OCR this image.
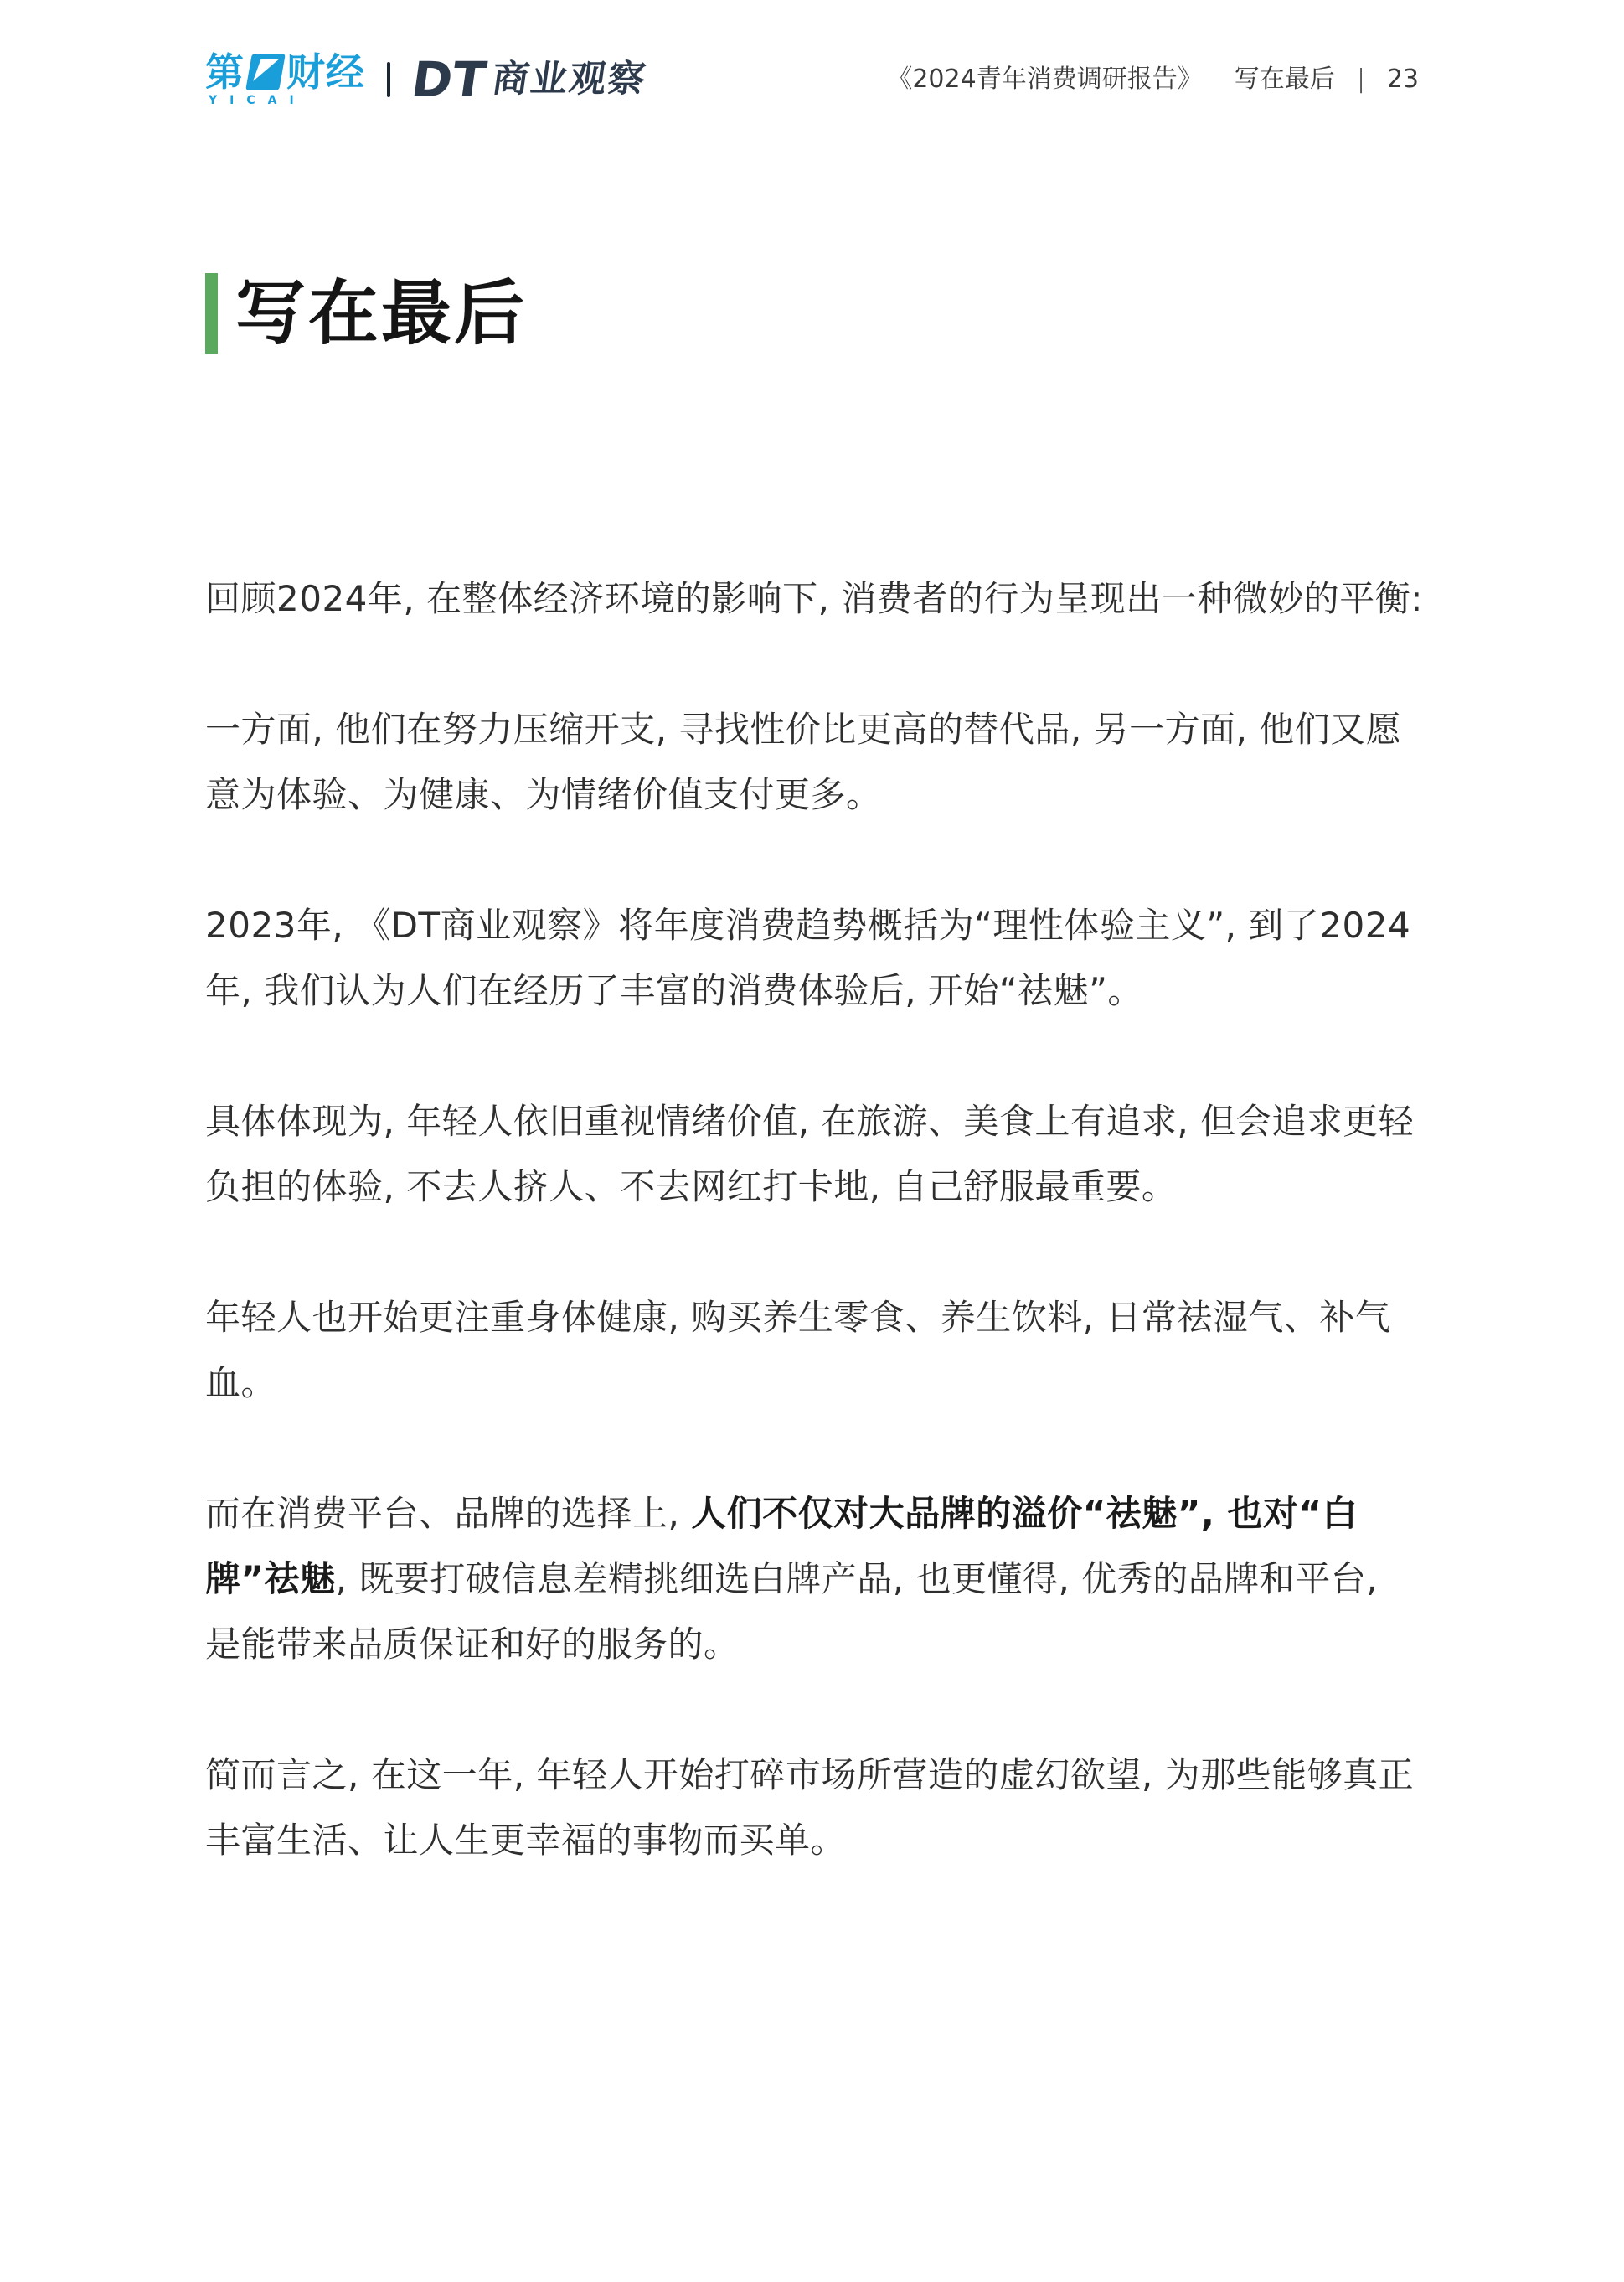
第 财经
YICAI	DT 商业观察	《2024青年消费调研报告》 写在最后 | 23
写在最后

回顾2024年, 在整体经济环境的影响下, 消费者的行为呈现出一种微妙的平衡:

一方面, 他们在努力压缩开支, 寻找性价比更高的替代品, 另一方面, 他们又愿意为体验、为健康、为情绪价值支付更多。

2023年, 《DT商业观察》将年度消费趋势概括为“理性体验主义”, 到了2024年, 我们认为人们在经历了丰富的消费体验后, 开始“祛魅”。

具体体现为, 年轻人依旧重视情绪价值, 在旅游、美食上有追求, 但会追求更轻负担的体验, 不去人挤人、不去网红打卡地, 自己舒服最重要。

年轻人也开始更注重身体健康, 购买养生零食、养生饮料, 日常祛湿气、补气血。

而在消费平台、品牌的选择上, 人们不仅对大品牌的溢价“祛魅”, 也对“白牌”祛魅, 既要打破信息差精挑细选白牌产品, 也更懂得, 优秀的品牌和平台, 是能带来品质保证和好的服务的。

简而言之, 在这一年, 年轻人开始打碎市场所营造的虚幻欲望, 为那些能够真正丰富生活、让人生更幸福的事物而买单。
